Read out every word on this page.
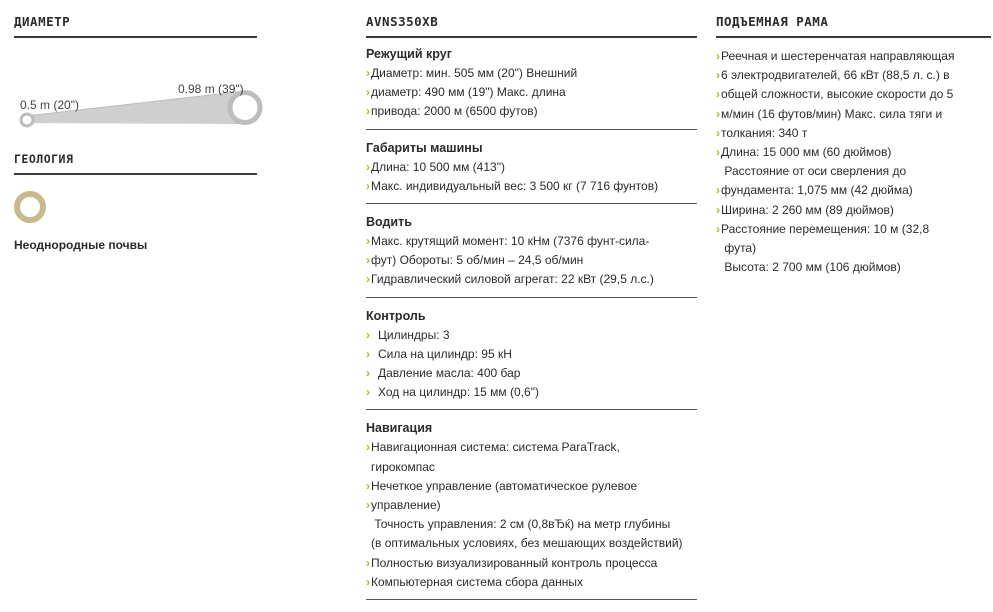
ДИАМЕТР
0.5 m (20")
0.98 m (39")
ГЕОЛОГИЯ
Неоднородные почвы
AVNS350XB
Режущий круг
›Диаметр: мин. 505 мм (20") Внешний
›диаметр: 490 мм (19") Макс. длина
›привода: 2000 м (6500 футов)
Габариты машины
›Длина: 10 500 мм (413")
›Макс. индивидуальный вес: 3 500 кг (7 716 фунтов)
Водить
›Макс. крутящий момент: 10 кНм (7376 фунт-сила-
›фут) Обороты: 5 об/мин – 24,5 об/мин
›Гидравлический силовой агрегат: 22 кВт (29,5 л.с.)
Контроль
› Цилиндры: 3
› Сила на цилиндр: 95 кН
› Давление масла: 400 бар
› Ход на цилиндр: 15 мм (0,6")
Навигация
›Навигационная система: система ParaTrack,
гирокомпас
›Нечеткое управление (автоматическое рулевое
›управление)
Точность управления: 2 см (0,8вЂќ) на метр глубины
(в оптимальных условиях, без мешающих воздействий)
›Полностью визуализированный контроль процесса
›Компьютерная система сбора данных
ПОДЪЕМНАЯ РАМА
›Реечная и шестеренчатая направляющая
›6 электродвигателей, 66 кВт (88,5 л. с.) в
›общей сложности, высокие скорости до 5
›м/мин (16 футов/мин) Макс. сила тяги и
›толкания: 340 т
›Длина: 15 000 мм (60 дюймов)
Расстояние от оси сверления до
›фундамента: 1,075 мм (42 дюйма)
›Ширина: 2 260 мм (89 дюймов)
›Расстояние перемещения: 10 м (32,8
фута)
Высота: 2 700 мм (106 дюймов)
